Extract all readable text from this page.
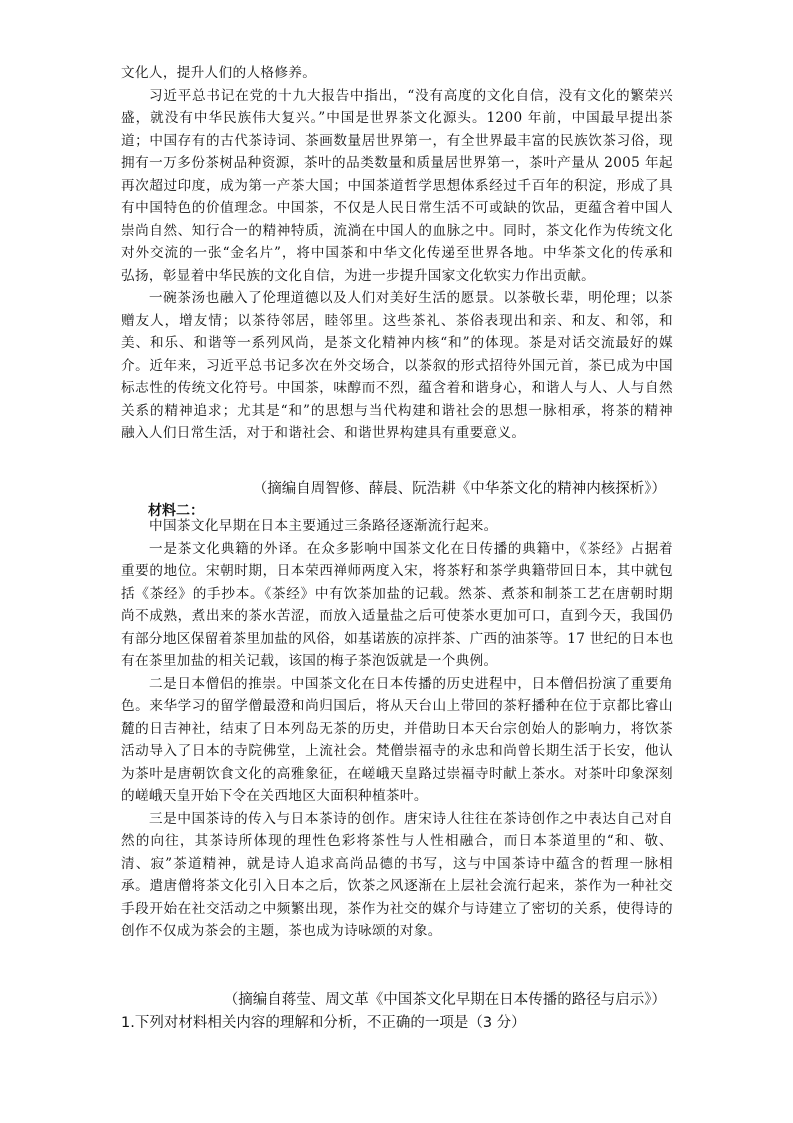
文化人，提升人们的人格修养。
习近平总书记在党的十九大报告中指出，“没有高度的文化自信，没有文化的繁荣兴
盛，就没有中华民族伟大复兴。”中国是世界茶文化源头。1200 年前，中国最早提出茶
道；中国存有的古代茶诗词、茶画数量居世界第一，有全世界最丰富的民族饮茶习俗，现
拥有一万多份茶树品种资源，茶叶的品类数量和质量居世界第一，茶叶产量从 2005 年起
再次超过印度，成为第一产茶大国；中国茶道哲学思想体系经过千百年的积淀，形成了具
有中国特色的价值理念。中国茶，不仅是人民日常生活不可或缺的饮品，更蕴含着中国人
崇尚自然、知行合一的精神特质，流淌在中国人的血脉之中。同时，茶文化作为传统文化
对外交流的一张“金名片”，将中国茶和中华文化传递至世界各地。中华茶文化的传承和
弘扬，彰显着中华民族的文化自信，为进一步提升国家文化软实力作出贡献。
一碗茶汤也融入了伦理道德以及人们对美好生活的愿景。以茶敬长辈，明伦理；以茶
赠友人，增友情；以茶待邻居，睦邻里。这些茶礼、茶俗表现出和亲、和友、和邻，和
美、和乐、和谐等一系列风尚，是茶文化精神内核“和”的体现。茶是对话交流最好的媒
介。近年来，习近平总书记多次在外交场合，以茶叙的形式招待外国元首，茶已成为中国
标志性的传统文化符号。中国茶，味醇而不烈，蕴含着和谐身心，和谐人与人、人与自然
关系的精神追求；尤其是“和”的思想与当代构建和谐社会的思想一脉相承，将茶的精神
融入人们日常生活，对于和谐社会、和谐世界构建具有重要意义。
（摘编自周智修、薛晨、阮浩耕《中华茶文化的精神内核探析》）
材料二：
中国茶文化早期在日本主要通过三条路径逐渐流行起来。
一是茶文化典籍的外译。在众多影响中国茶文化在日传播的典籍中，《茶经》占据着
重要的地位。宋朝时期，日本荣西禅师两度入宋，将茶籽和茶学典籍带回日本，其中就包
括《茶经》的手抄本。《茶经》中有饮茶加盐的记载。然茶、煮茶和制茶工艺在唐朝时期
尚不成熟，煮出来的茶水苦涩，而放入适量盐之后可使茶水更加可口，直到今天，我国仍
有部分地区保留着茶里加盐的风俗，如基诺族的凉拌茶、广西的油茶等。17 世纪的日本也
有在茶里加盐的相关记载，该国的梅子茶泡饭就是一个典例。
二是日本僧侣的推崇。中国茶文化在日本传播的历史进程中，日本僧侣扮演了重要角
色。来华学习的留学僧最澄和尚归国后，将从天台山上带回的茶籽播种在位于京都比睿山
麓的日吉神社，结束了日本列岛无茶的历史，并借助日本天台宗创始人的影响力，将饮茶
活动导入了日本的寺院佛堂，上流社会。梵僧崇福寺的永忠和尚曾长期生活于长安，他认
为茶叶是唐朝饮食文化的高雅象征，在嵯峨天皇路过崇福寺时献上茶水。对茶叶印象深刻
的嵯峨天皇开始下令在关西地区大面积种植茶叶。
三是中国茶诗的传入与日本茶诗的创作。唐宋诗人往往在茶诗创作之中表达自己对自
然的向往，其茶诗所体现的理性色彩将茶性与人性相融合，而日本茶道里的“和、敬、
清、寂”茶道精神，就是诗人追求高尚品德的书写，这与中国茶诗中蕴含的哲理一脉相
承。遣唐僧将茶文化引入日本之后，饮茶之风逐渐在上层社会流行起来，茶作为一种社交
手段开始在社交活动之中频繁出现，茶作为社交的媒介与诗建立了密切的关系，使得诗的
创作不仅成为茶会的主题，茶也成为诗咏颂的对象。
（摘编自蒋莹、周文革《中国茶文化早期在日本传播的路径与启示》）
1.下列对材料相关内容的理解和分析，不正确的一项是（3 分）
